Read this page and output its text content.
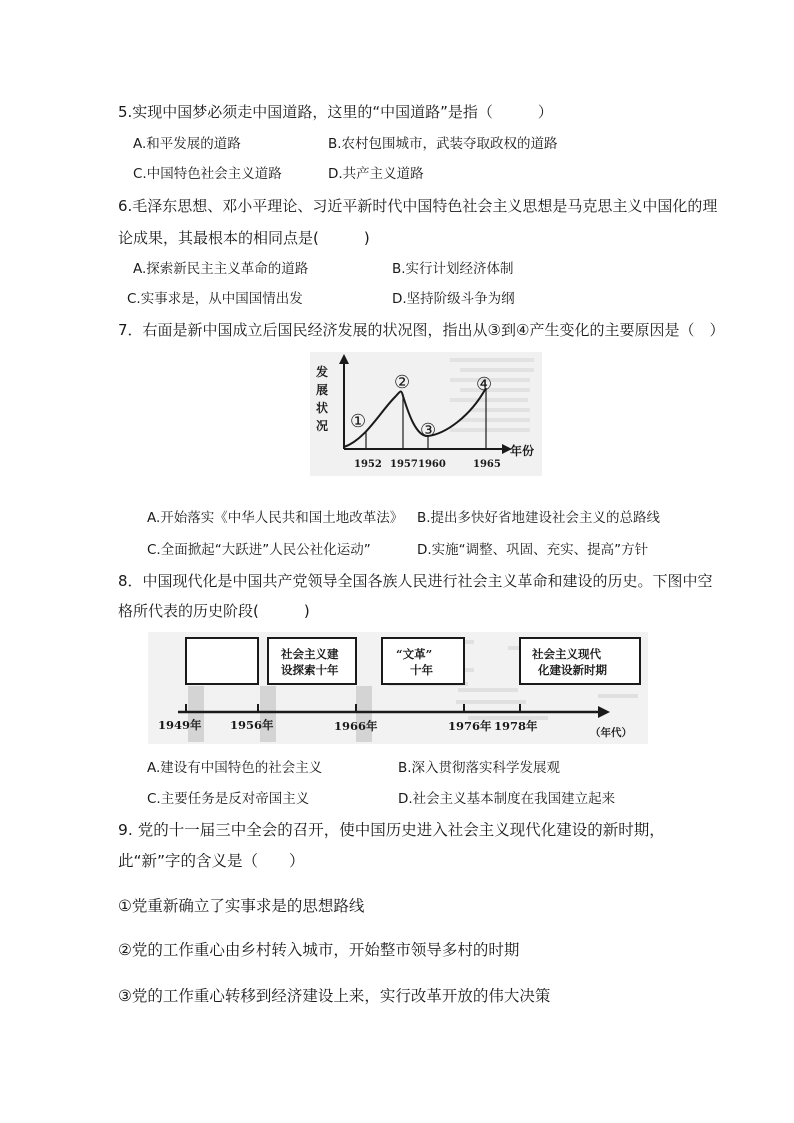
5.实现中国梦必须走中国道路，这里的“中国道路”是指（　　　）
A.和平发展的道路	B.农村包围城市，武装夺取政权的道路
C.中国特色社会主义道路	D.共产主义道路
6.毛泽东思想、邓小平理论、习近平新时代中国特色社会主义思想是马克思主义中国化的理
论成果，其最根本的相同点是(　　　)
A.探索新民主主义革命的道路	B.实行计划经济体制
C.实事求是，从中国国情出发	D.坚持阶级斗争为纲
7．右面是新中国成立后国民经济发展的状况图，指出从③到④产生变化的主要原因是（　）
发
展
状
况 ①
②
③
④
年份
1952 1957 1960	1965
A.开始落实《中华人民共和国土地改革法》 B.提出多快好省地建设社会主义的总路线
C.全面掀起“大跃进”人民公社化运动”	D.实施“调整、巩固、充实、提高”方针
8．中国现代化是中国共产党领导全国各族人民进行社会主义革命和建设的历史。下图中空
格所代表的历史阶段(　　　)
社会主义建
设探索十年
“文革”
十年
社会主义现代
化建设新时期
1949年 1956年	1966年	1976年 1978年	（年代）
A.建设有中国特色的社会主义	B.深入贯彻落实科学发展观
C.主要任务是反对帝国主义	D.社会主义基本制度在我国建立起来
9. 党的十一届三中全会的召开，使中国历史进入社会主义现代化建设的新时期，
此“新”字的含义是（　　）
①党重新确立了实事求是的思想路线
②党的工作重心由乡村转入城市，开始整市领导多村的时期
③党的工作重心转移到经济建设上来，实行改革开放的伟大决策
